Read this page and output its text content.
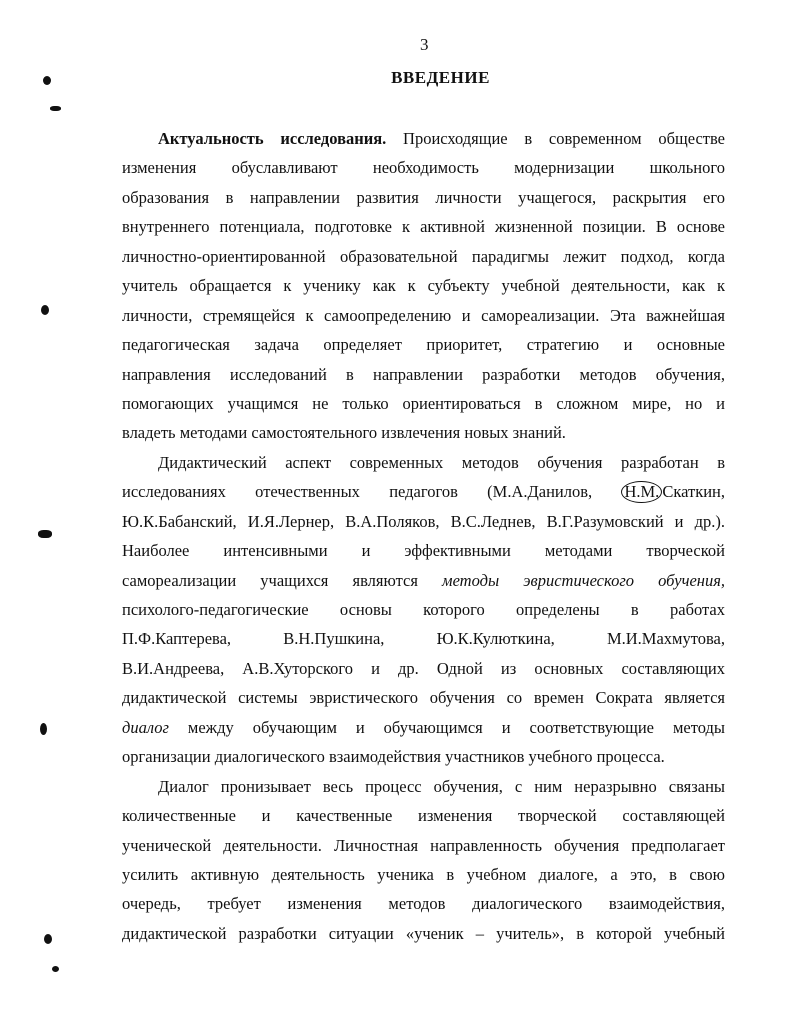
3
ВВЕДЕНИЕ
Актуальность исследования. Происходящие в современном обществе
изменения обуславливают необходимость модернизации школьного
образования в направлении развития личности учащегося, раскрытия его
внутреннего потенциала, подготовке к активной жизненной позиции. В основе
личностно-ориентированной образовательной парадигмы лежит подход, когда
учитель обращается к ученику как к субъекту учебной деятельности, как к
личности, стремящейся к самоопределению и самореализации. Эта важнейшая
педагогическая задача определяет приоритет, стратегию и основные
направления исследований в направлении разработки методов обучения,
помогающих учащимся не только ориентироваться в сложном мире, но и
владеть методами самостоятельного извлечения новых знаний.
Дидактический аспект современных методов обучения разработан в
исследованиях отечественных педагогов (М.А.Данилов, Н.М. Скаткин,
Ю.К.Бабанский, И.Я.Лернер, В.А.Поляков, В.С.Леднев, В.Г.Разумовский и др.).
Наиболее интенсивными и эффективными методами творческой
самореализации учащихся являются методы эвристического обучения,
психолого-педагогические основы которого определены в работах
П.Ф.Каптерева, В.Н.Пушкина, Ю.К.Кулюткина, М.И.Махмутова,
В.И.Андреева, А.В.Хуторского и др. Одной из основных составляющих
дидактической системы эвристического обучения со времен Сократа является
диалог между обучающим и обучающимся и соответствующие методы
организации диалогического взаимодействия участников учебного процесса.
Диалог пронизывает весь процесс обучения, с ним неразрывно связаны
количественные и качественные изменения творческой составляющей
ученической деятельности. Личностная направленность обучения предполагает
усилить активную деятельность ученика в учебном диалоге, а это, в свою
очередь, требует изменения методов диалогического взаимодействия,
дидактической разработки ситуации «ученик – учитель», в которой учебный
